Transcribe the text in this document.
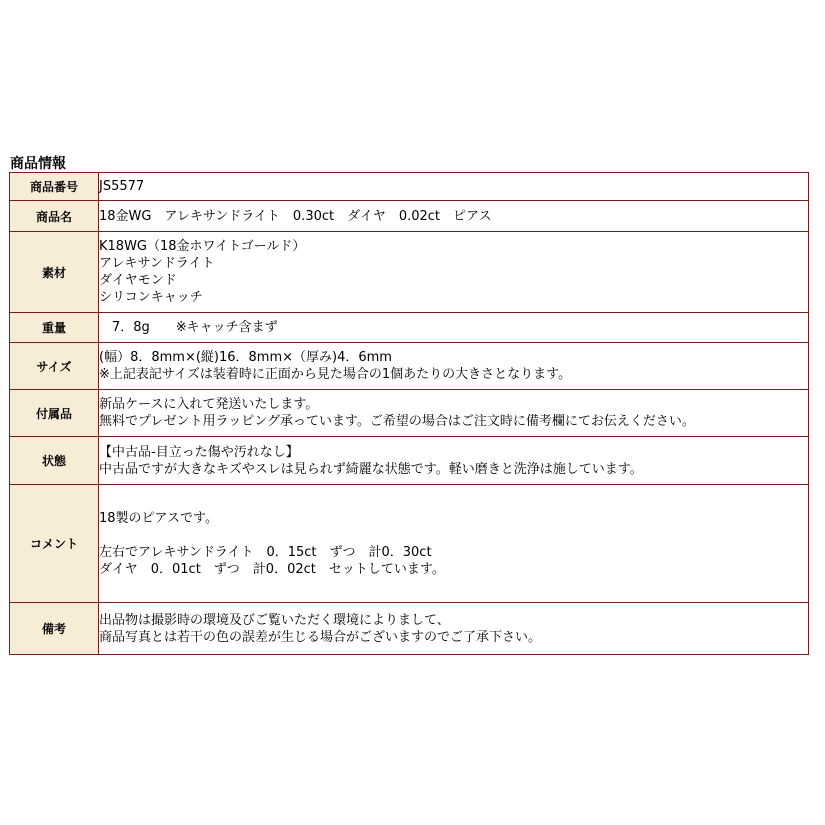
商品情報
商品番号	JS5577

商品名	18金WG　アレキサンドライト　0.30ct　ダイヤ　0.02ct　ピアス

素材	K18WG（18金ホワイトゴールド）
アレキサンドライト
ダイヤモンド
シリコンキャッチ

重量	　7．8g　　※キャッチ含まず

サイズ	(幅）8．8mm×(縦)16．8mm×（厚み)4．6mm
※上記表記サイズは装着時に正面から見た場合の1個あたりの大きさとなります。

付属品	新品ケースに入れて発送いたします。
無料でプレゼント用ラッピング承っています。ご希望の場合はご注文時に備考欄にてお伝えください。

状態	【中古品-目立った傷や汚れなし】
中古品ですが大きなキズやスレは見られず綺麗な状態です。軽い磨きと洗浄は施しています。

コメント	18製のピアスです。
左右でアレキサンドライト　0．15ct　ずつ　計0．30ct
ダイヤ　0．01ct　ずつ　計0．02ct　セットしています。

備考	出品物は撮影時の環境及びご覧いただく環境によりまして、
商品写真とは若干の色の誤差が生じる場合がございますのでご了承下さい。
